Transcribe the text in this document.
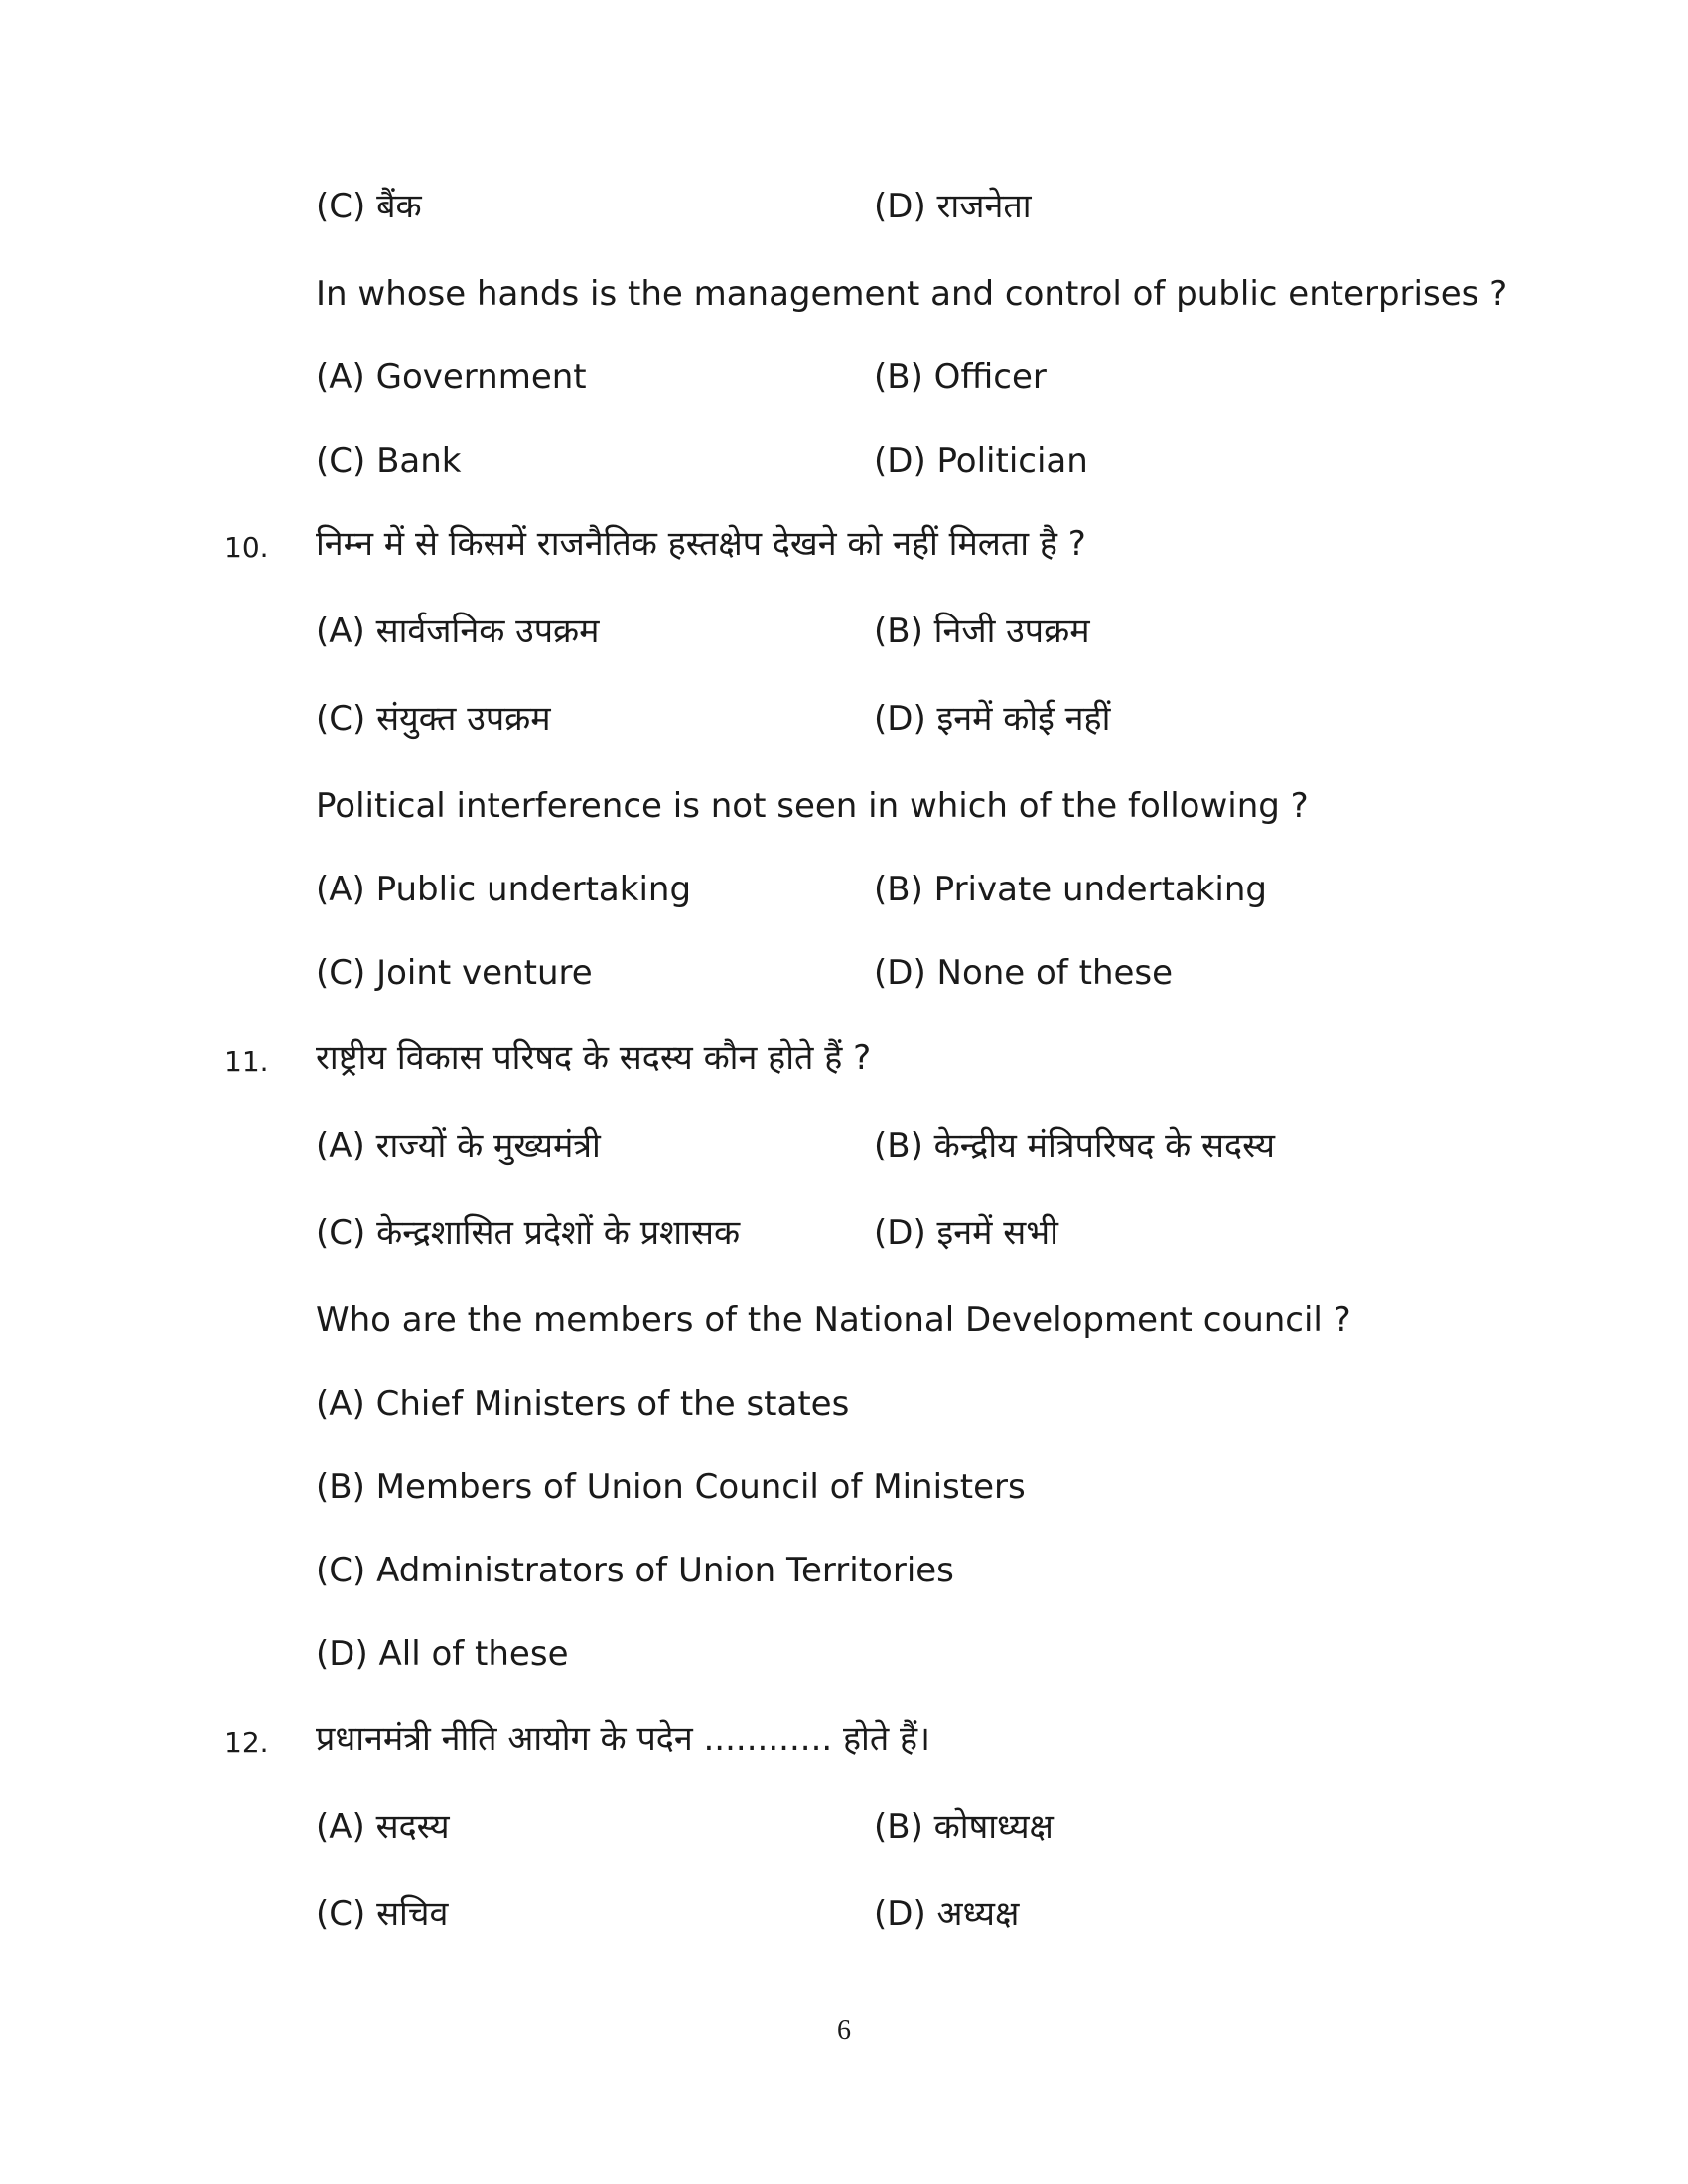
(C) बैंक	(D) राजनेता
In whose hands is the management and control of public enterprises ?
(A) Government	(B) Officer
(C) Bank	(D) Politician
10. निम्न में से किसमें राजनैतिक हस्तक्षेप देखने को नहीं मिलता है ?
(A) सार्वजनिक उपक्रम	(B) निजी उपक्रम
(C) संयुक्त उपक्रम	(D) इनमें कोई नहीं
Political interference is not seen in which of the following ?
(A) Public undertaking	(B) Private undertaking
(C) Joint venture	(D) None of these
11. राष्ट्रीय विकास परिषद के सदस्य कौन होते हैं ?
(A) राज्यों के मुख्यमंत्री	(B) केन्द्रीय मंत्रिपरिषद के सदस्य
(C) केन्द्रशासित प्रदेशों के प्रशासक	(D) इनमें सभी
Who are the members of the National Development council ?
(A) Chief Ministers of the states
(B) Members of Union Council of Ministers
(C) Administrators of Union Territories
(D) All of these
12. प्रधानमंत्री नीति आयोग के पदेन ............ होते हैं।
(A) सदस्य	(B) कोषाध्यक्ष
(C) सचिव	(D) अध्यक्ष
6
